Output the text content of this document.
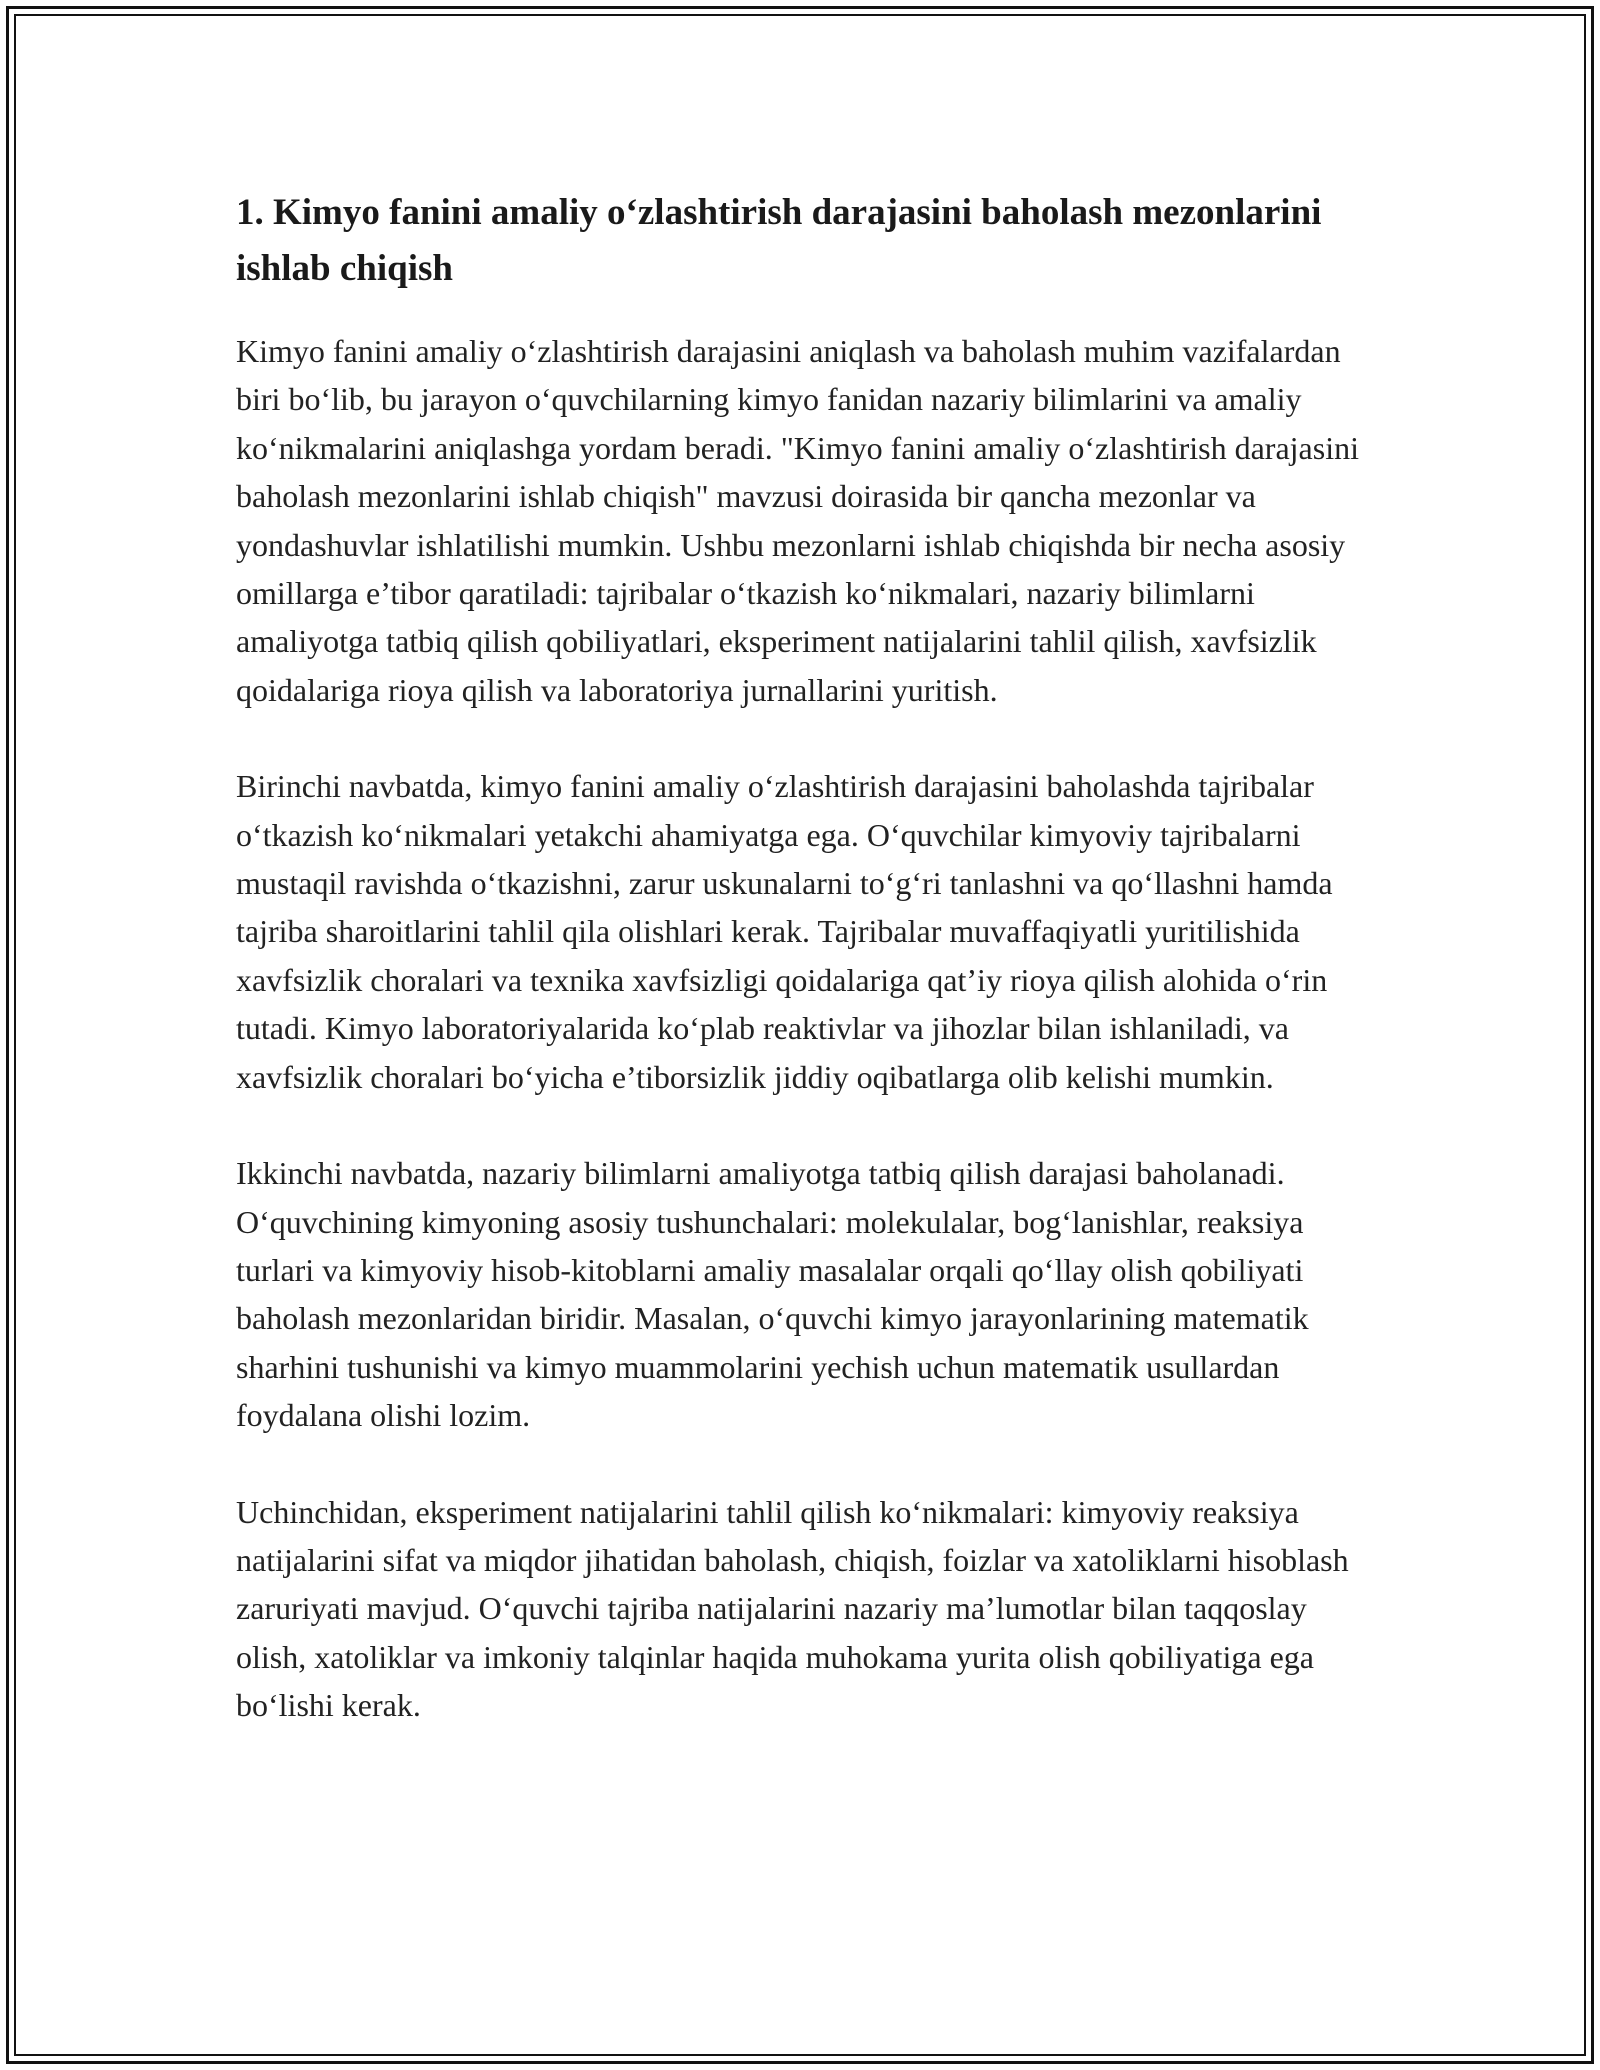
1. Kimyo fanini amaliy o‘zlashtirish darajasini baholash mezonlarini ishlab chiqish

Kimyo fanini amaliy o‘zlashtirish darajasini aniqlash va baholash muhim vazifalardan biri bo‘lib, bu jarayon o‘quvchilarning kimyo fanidan nazariy bilimlarini va amaliy ko‘nikmalarini aniqlashga yordam beradi. "Kimyo fanini amaliy o‘zlashtirish darajasini baholash mezonlarini ishlab chiqish" mavzusi doirasida bir qancha mezonlar va yondashuvlar ishlatilishi mumkin. Ushbu mezonlarni ishlab chiqishda bir necha asosiy omillarga e’tibor qaratiladi: tajribalar o‘tkazish ko‘nikmalari, nazariy bilimlarni amaliyotga tatbiq qilish qobiliyatlari, eksperiment natijalarini tahlil qilish, xavfsizlik qoidalariga rioya qilish va laboratoriya jurnallarini yuritish.

Birinchi navbatda, kimyo fanini amaliy o‘zlashtirish darajasini baholashda tajribalar o‘tkazish ko‘nikmalari yetakchi ahamiyatga ega. O‘quvchilar kimyoviy tajribalarni mustaqil ravishda o‘tkazishni, zarur uskunalarni to‘g‘ri tanlashni va qo‘llashni hamda tajriba sharoitlarini tahlil qila olishlari kerak. Tajribalar muvaffaqiyatli yuritilishida xavfsizlik choralari va texnika xavfsizligi qoidalariga qat’iy rioya qilish alohida o‘rin tutadi. Kimyo laboratoriyalarida ko‘plab reaktivlar va jihozlar bilan ishlaniladi, va xavfsizlik choralari bo‘yicha e’tiborsizlik jiddiy oqibatlarga olib kelishi mumkin.

Ikkinchi navbatda, nazariy bilimlarni amaliyotga tatbiq qilish darajasi baholanadi. O‘quvchining kimyoning asosiy tushunchalari: molekulalar, bog‘lanishlar, reaksiya turlari va kimyoviy hisob-kitoblarni amaliy masalalar orqali qo‘llay olish qobiliyati baholash mezonlaridan biridir. Masalan, o‘quvchi kimyo jarayonlarining matematik sharhini tushunishi va kimyo muammolarini yechish uchun matematik usullardan foydalana olishi lozim.

Uchinchidan, eksperiment natijalarini tahlil qilish ko‘nikmalari: kimyoviy reaksiya natijalarini sifat va miqdor jihatidan baholash, chiqish, foizlar va xatoliklarni hisoblash zaruriyati mavjud. O‘quvchi tajriba natijalarini nazariy ma’lumotlar bilan taqqoslay olish, xatoliklar va imkoniy talqinlar haqida muhokama yurita olish qobiliyatiga ega bo‘lishi kerak.
